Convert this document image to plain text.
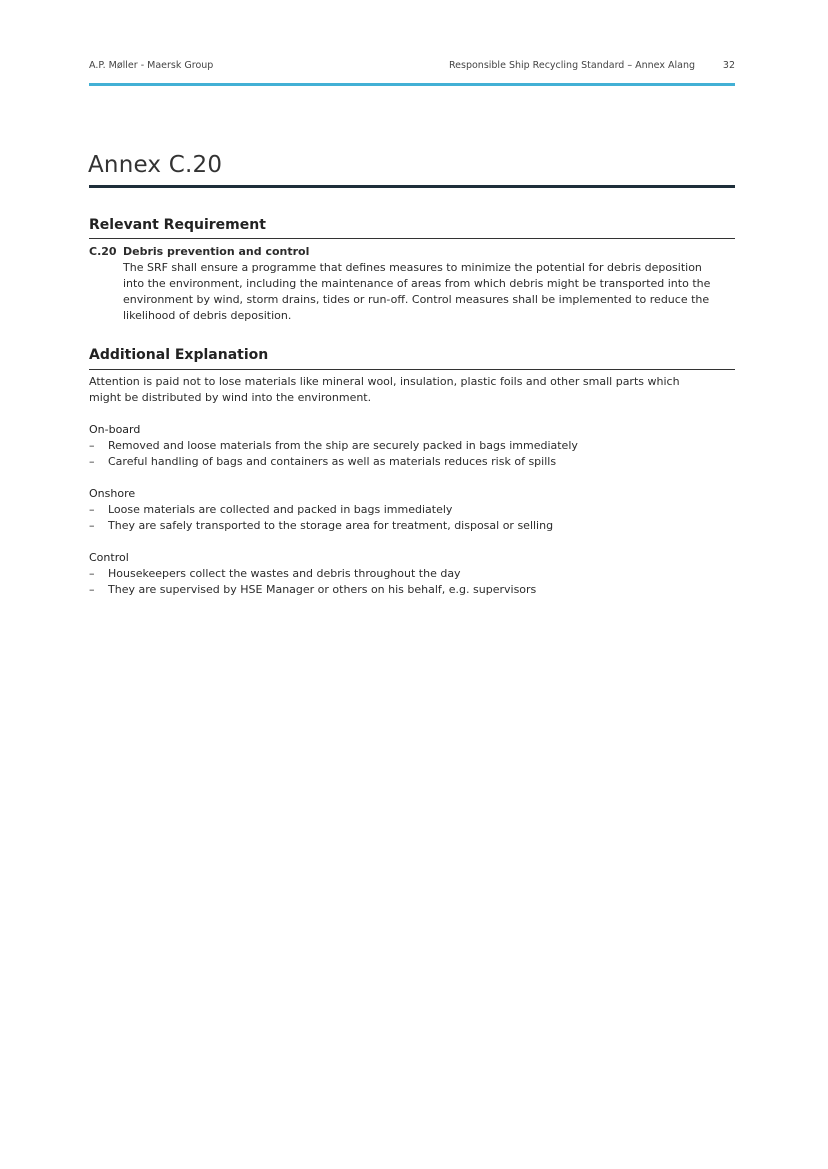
A.P. Møller - Maersk Group	Responsible Ship Recycling Standard – Annex Alang	32
Annex C.20
Relevant Requirement
C.20 Debris prevention and control
The SRF shall ensure a programme that defines measures to minimize the potential for debris deposition into the environment, including the maintenance of areas from which debris might be transported into the environment by wind, storm drains, tides or run-off. Control measures shall be implemented to reduce the likelihood of debris deposition.
Additional Explanation

Attention is paid not to lose materials like mineral wool, insulation, plastic foils and other small parts which might be distributed by wind into the environment.

On-board
– Removed and loose materials from the ship are securely packed in bags immediately
– Careful handling of bags and containers as well as materials reduces risk of spills
Onshore
– Loose materials are collected and packed in bags immediately
– They are safely transported to the storage area for treatment, disposal or selling
Control
– Housekeepers collect the wastes and debris throughout the day
– They are supervised by HSE Manager or others on his behalf, e.g. supervisors
